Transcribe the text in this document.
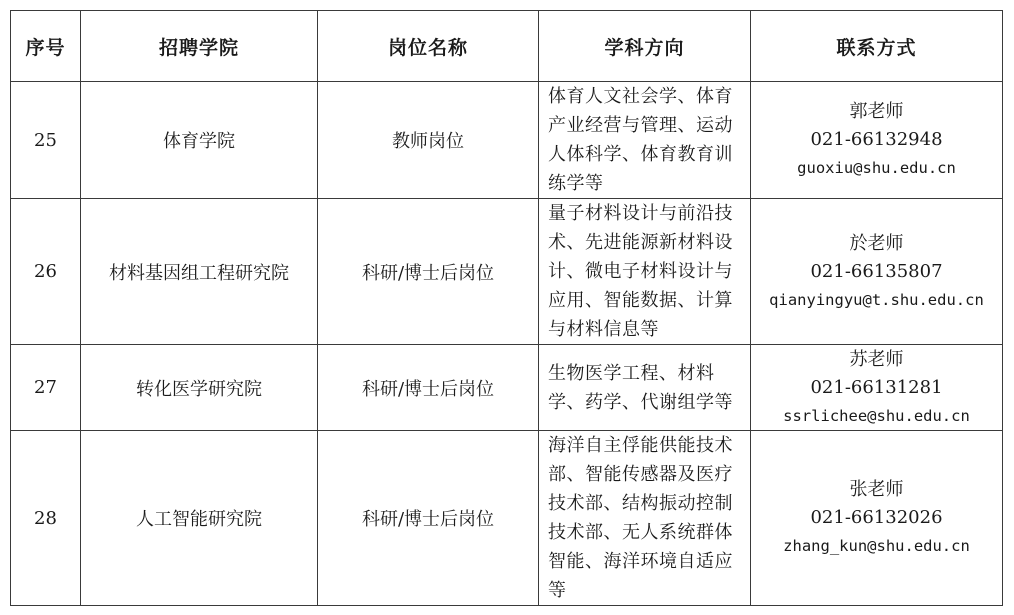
序号	招聘学院	岗位名称	学科方向	联系方式
25	体育学院	教师岗位	体育人文社会学、体育产业经营与管理、运动人体科学、体育教育训练学等	郭老师
021-66132948
guoxiu@shu.edu.cn

26	材料基因组工程研究院	科研/博士后岗位	量子材料设计与前沿技术、先进能源新材料设计、微电子材料设计与应用、智能数据、计算与材料信息等	於老师
021-66135807
qianyingyu@t.shu.edu.cn

27	转化医学研究院	科研/博士后岗位	生物医学工程、材料学、药学、代谢组学等	苏老师
021-66131281
ssrlichee@shu.edu.cn

28	人工智能研究院	科研/博士后岗位	海洋自主俘能供能技术部、智能传感器及医疗技术部、结构振动控制技术部、无人系统群体智能、海洋环境自适应等	张老师
021-66132026
zhang_kun@shu.edu.cn
